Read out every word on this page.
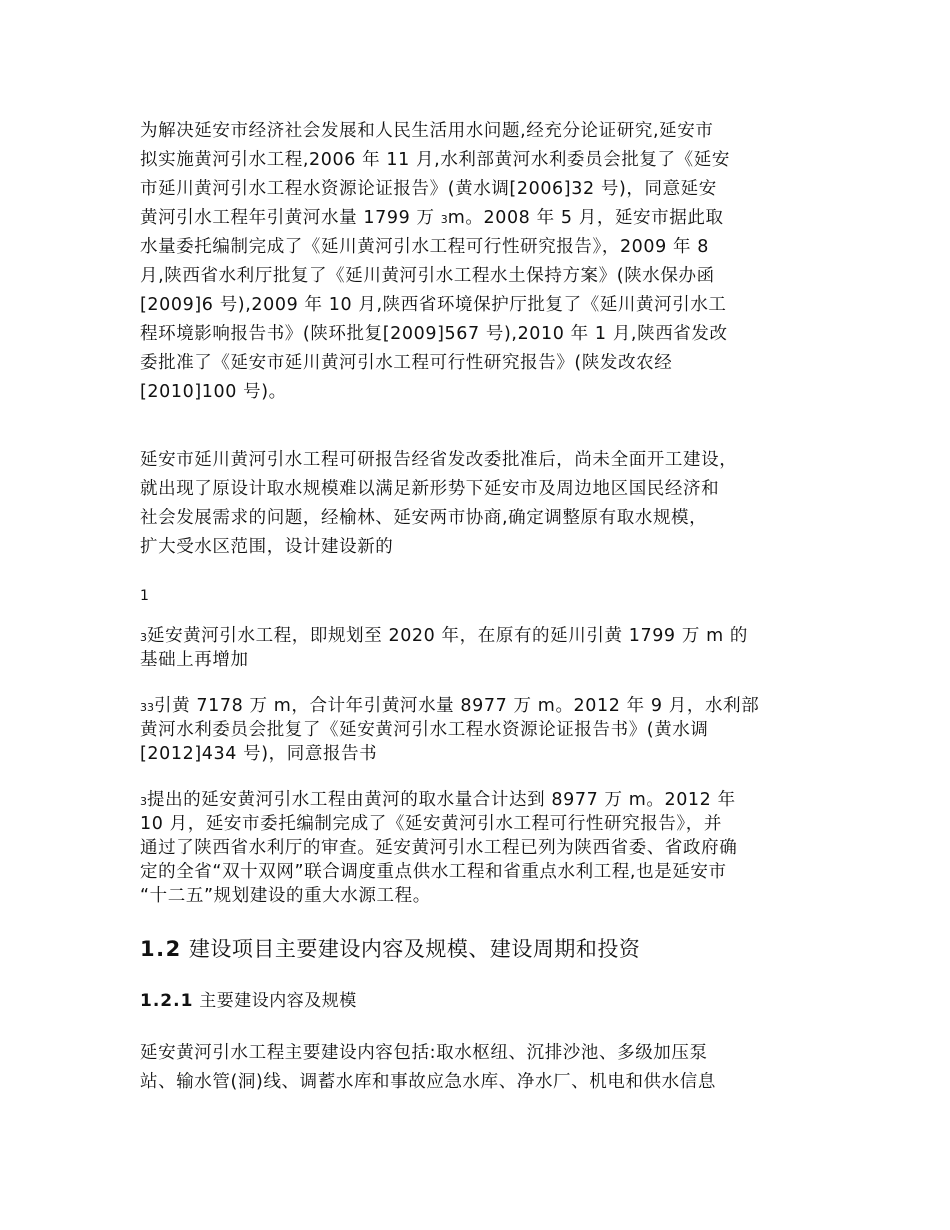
为解决延安市经济社会发展和人民生活用水问题,经充分论证研究,延安市
拟实施黄河引水工程,2006 年 11 月,水利部黄河水利委员会批复了《延安
市延川黄河引水工程水资源论证报告》(黄水调[2006]32 号)，同意延安
黄河引水工程年引黄河水量 1799 万 3m。2008 年 5 月，延安市据此取
水量委托编制完成了《延川黄河引水工程可行性研究报告》，2009 年 8
月,陕西省水利厅批复了《延川黄河引水工程水土保持方案》(陕水保办函
[2009]6 号),2009 年 10 月,陕西省环境保护厅批复了《延川黄河引水工
程环境影响报告书》(陕环批复[2009]567 号),2010 年 1 月,陕西省发改
委批准了《延安市延川黄河引水工程可行性研究报告》(陕发改农经
[2010]100 号)。
延安市延川黄河引水工程可研报告经省发改委批准后，尚未全面开工建设，
就出现了原设计取水规模难以满足新形势下延安市及周边地区国民经济和
社会发展需求的问题，经榆林、延安两市协商,确定调整原有取水规模，
扩大受水区范围，设计建设新的
1
3延安黄河引水工程，即规划至 2020 年，在原有的延川引黄 1799 万 m 的
基础上再增加
33引黄 7178 万 m，合计年引黄河水量 8977 万 m。2012 年 9 月，水利部
黄河水利委员会批复了《延安黄河引水工程水资源论证报告书》(黄水调
[2012]434 号)，同意报告书
3提出的延安黄河引水工程由黄河的取水量合计达到 8977 万 m。2012 年
10 月，延安市委托编制完成了《延安黄河引水工程可行性研究报告》，并
通过了陕西省水利厅的审查。延安黄河引水工程已列为陕西省委、省政府确
定的全省“双十双网”联合调度重点供水工程和省重点水利工程,也是延安市
“十二五”规划建设的重大水源工程。
1.2 建设项目主要建设内容及规模、建设周期和投资
1.2.1 主要建设内容及规模
延安黄河引水工程主要建设内容包括:取水枢纽、沉排沙池、多级加压泵
站、输水管(洞)线、调蓄水库和事故应急水库、净水厂、机电和供水信息
